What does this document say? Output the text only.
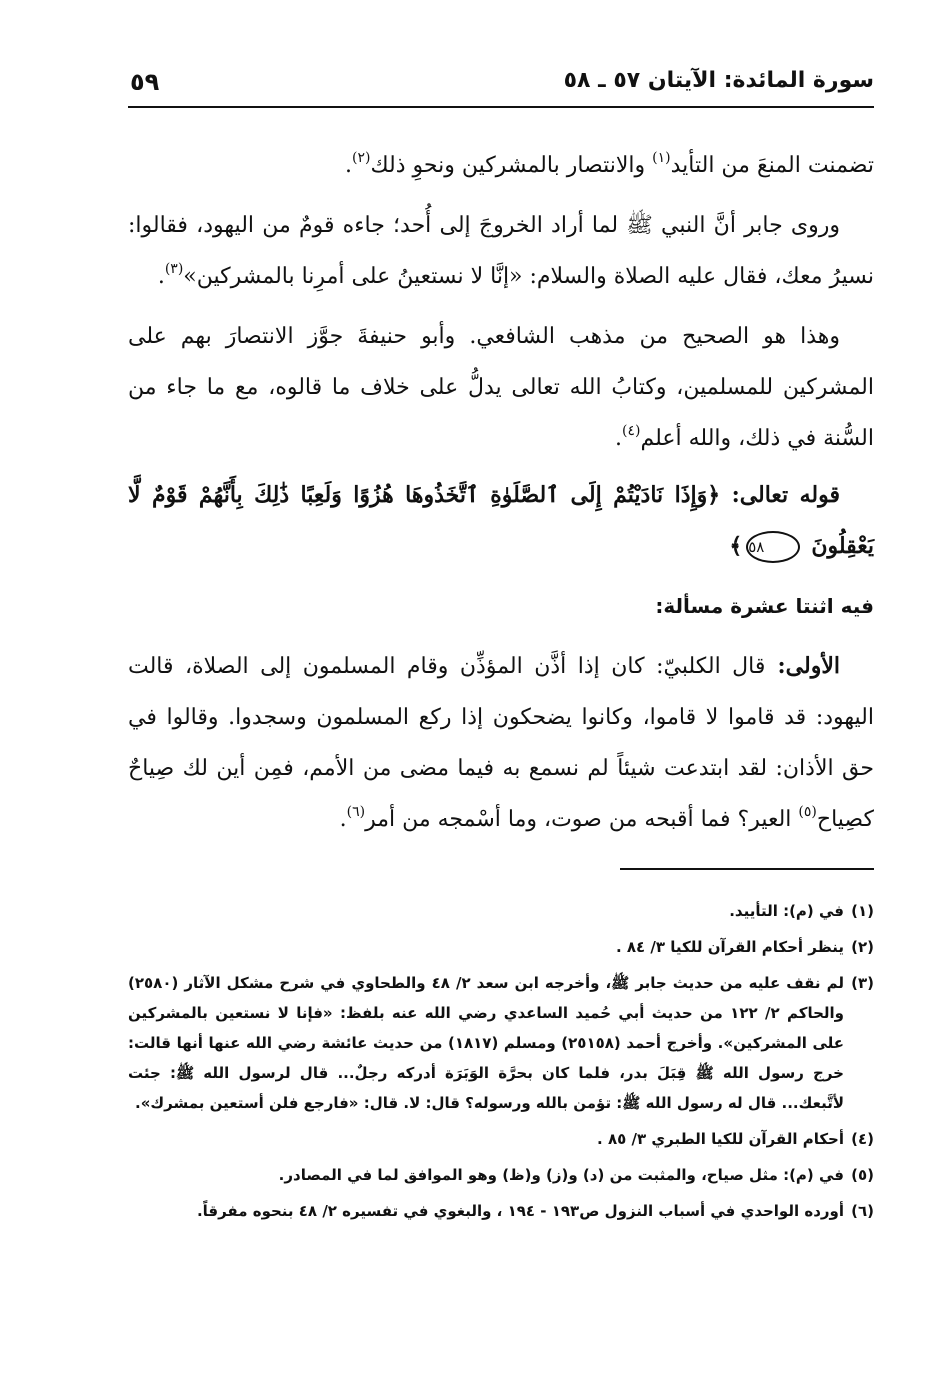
سورة المائدة: الآيتان ٥٧ ـ ٥٨
٥٩

تضمنت المنعَ من التأيد$^{(١)}$ والانتصار بالمشركين ونحوِ ذلك$^{(٢)}$.

وروى جابر أنَّ النبي ﷺ لما أراد الخروجَ إلى أُحد؛ جاءه قومٌ من اليهود، فقالوا: نسيرُ معك، فقال عليه الصلاة والسلام: «إنَّا لا نستعينُ على أمرِنا بالمشركين»$^{(٣)}$.

وهذا هو الصحيح من مذهب الشافعي. وأبو حنيفةَ جوَّز الانتصارَ بهم على المشركين للمسلمين، وكتابُ الله تعالى يدلُّ على خلاف ما قالوه، مع ما جاء من السُّنة في ذلك، والله أعلم$^{(٤)}$.

قوله تعالى: ﴿وَإِذَا نَادَيْتُمْ إِلَى ٱلصَّلَوٰةِ ٱتَّخَذُوهَا هُزُوًا وَلَعِبًا ذَٰلِكَ بِأَنَّهُمْ قَوْمٌ لَّا يَعْقِلُونَ ٥٨﴾

فيه اثنتا عشرة مسألة:

الأولى: قال الكلبيّ: كان إذا أذَّن المؤذِّن وقام المسلمون إلى الصلاة، قالت اليهود: قد قاموا لا قاموا، وكانوا يضحكون إذا ركع المسلمون وسجدوا. وقالوا في حق الأذان: لقد ابتدعت شيئاً لم نسمع به فيما مضى من الأمم، فمِن أين لك صِياحٌ كصِياح$^{(٥)}$ العير؟ فما أقبحه من صوت، وما أسْمجه من أمر$^{(٦)}$.

(١)
في (م): التأييد.
(٢)
ينظر أحكام القرآن للكيا ٣/ ٨٤ .
(٣)
لم نقف عليه من حديث جابر ﷺ، وأخرجه ابن سعد ٢/ ٤٨ والطحاوي في شرح مشكل الآثار (٢٥٨٠) والحاكم ٢/ ١٢٢ من حديث أبي حُميد الساعدي رضي الله عنه بلفظ: «فإنا لا نستعين بالمشركين على المشركين». وأخرج أحمد (٢٥١٥٨) ومسلم (١٨١٧) من حديث عائشة رضي الله عنها أنها قالت: خرج رسول الله ﷺ قِبَلَ بدر، فلما كان بحرَّة الوَبَرَة أدركه رجلٌ... قال لرسول الله ﷺ: جئت لأتَّبعك... قال له رسول الله ﷺ: تؤمن بالله ورسوله؟ قال: لا. قال: «فارجع فلن أستعين بمشرك».
(٤)
أحكام القرآن للكيا الطبري ٣/ ٨٥ .
(٥)
في (م): مثل صياح، والمثبت من (د) و(ز) و(ظ) وهو الموافق لما في المصادر.
(٦)
أورده الواحدي في أسباب النزول ص١٩٣ - ١٩٤ ، والبغوي في تفسيره ٢/ ٤٨ بنحوه مفرقاً.
